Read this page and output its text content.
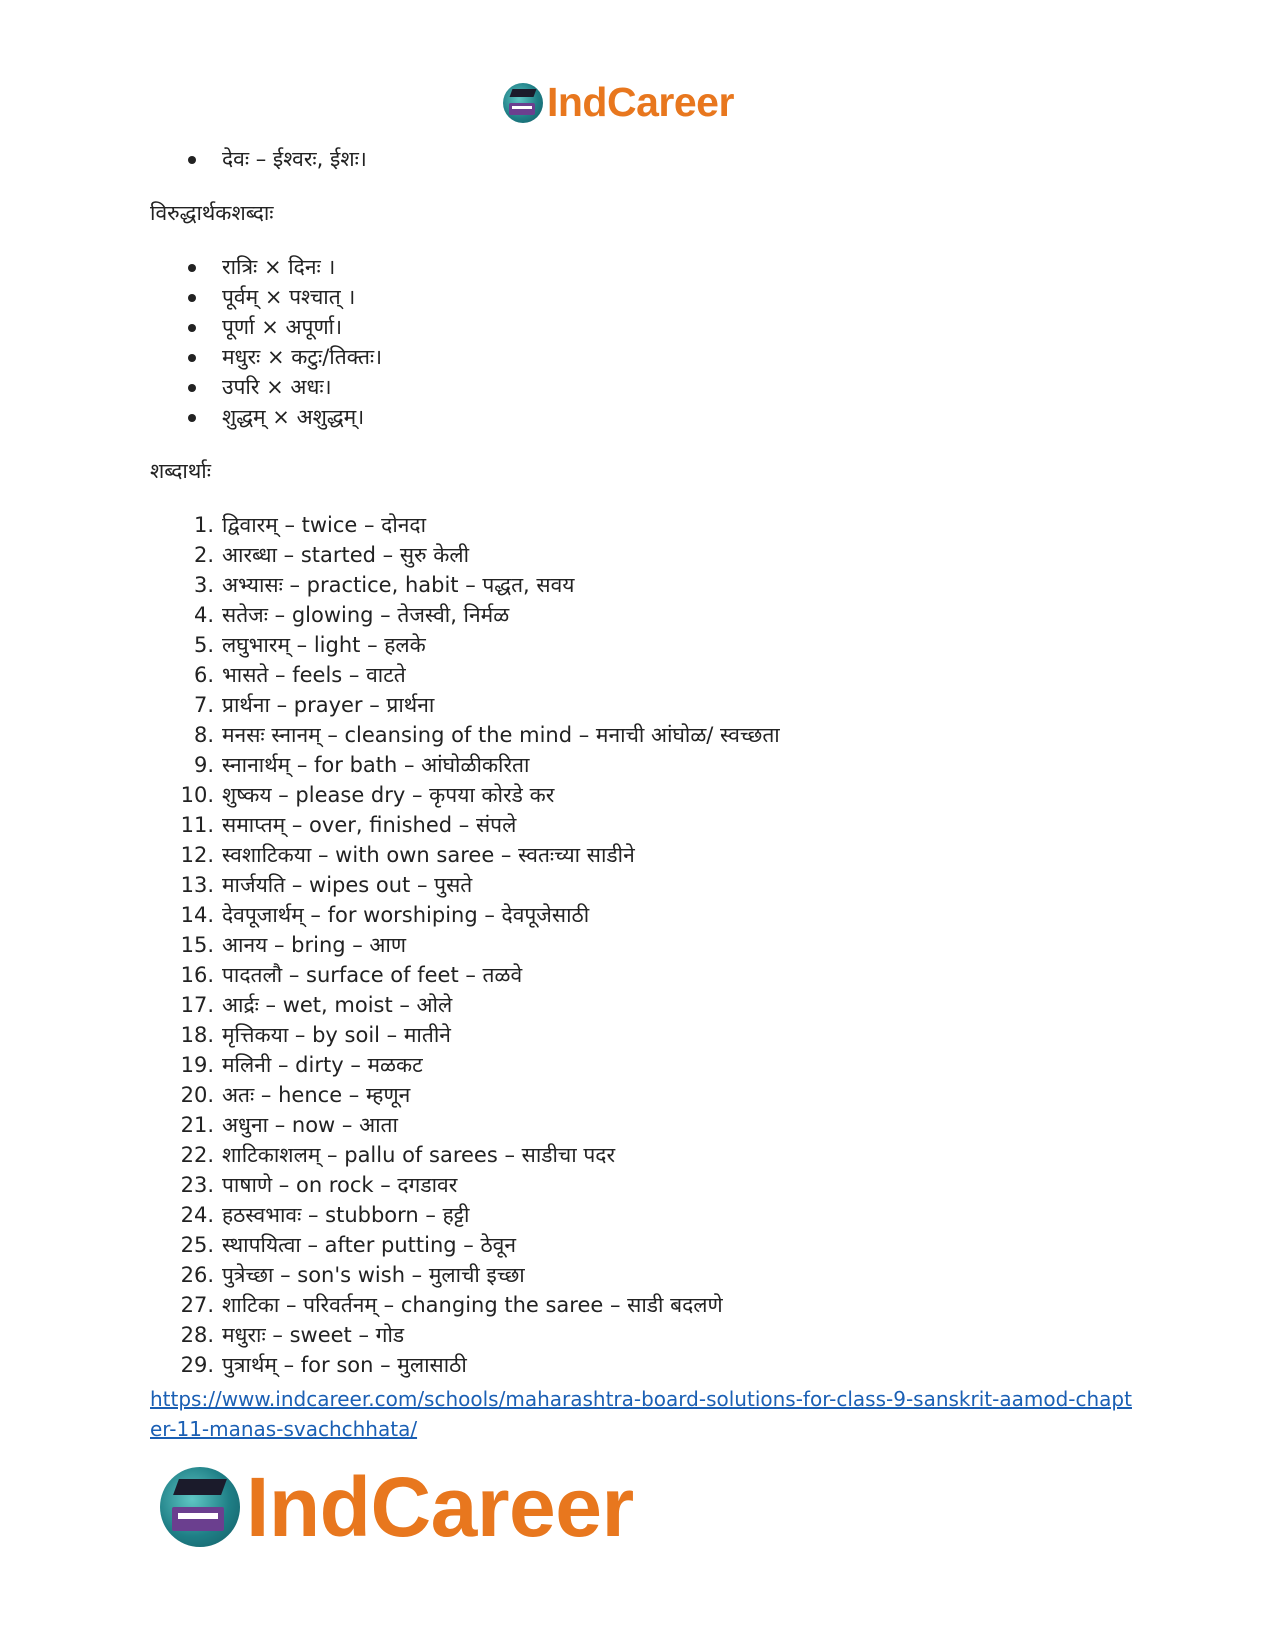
IndCareer
देवः – ईश्वरः, ईशः।
विरुद्धार्थकशब्दाः
रात्रिः × दिनः ।
पूर्वम् × पश्चात् ।
पूर्णा × अपूर्णा।
मधुरः × कटुः/तिक्तः।
उपरि × अधः।
शुद्धम् × अशुद्धम्।
शब्दार्थाः
1. द्विवारम् – twice – दोनदा
2. आरब्धा – started – सुरु केली
3. अभ्यासः – practice, habit – पद्धत, सवय
4. सतेजः – glowing – तेजस्वी, निर्मळ
5. लघुभारम् – light – हलके
6. भासते – feels – वाटते
7. प्रार्थना – prayer – प्रार्थना
8. मनसः स्नानम् – cleansing of the mind – मनाची आंघोळ/ स्वच्छता
9. स्नानार्थम् – for bath – आंघोळीकरिता
10. शुष्कय – please dry – कृपया कोरडे कर
11. समाप्तम् – over, finished – संपले
12. स्वशाटिकया – with own saree – स्वतःच्या साडीने
13. मार्जयति – wipes out – पुसते
14. देवपूजार्थम् – for worshiping – देवपूजेसाठी
15. आनय – bring – आण
16. पादतलौ – surface of feet – तळवे
17. आर्द्रः – wet, moist – ओले
18. मृत्तिकया – by soil – मातीने
19. मलिनी – dirty – मळकट
20. अतः – hence – म्हणून
21. अधुना – now – आता
22. शाटिकाशलम् – pallu of sarees – साडीचा पदर
23. पाषाणे – on rock – दगडावर
24. हठस्वभावः – stubborn – हट्टी
25. स्थापयित्वा – after putting – ठेवून
26. पुत्रेच्छा – son's wish – मुलाची इच्छा
27. शाटिका – परिवर्तनम् – changing the saree – साडी बदलणे
28. मधुराः – sweet – गोड
29. पुत्रार्थम् – for son – मुलासाठी
https://www.indcareer.com/schools/maharashtra-board-solutions-for-class-9-sanskrit-aamod-chapter-11-manas-svachchhata/
IndCareer
